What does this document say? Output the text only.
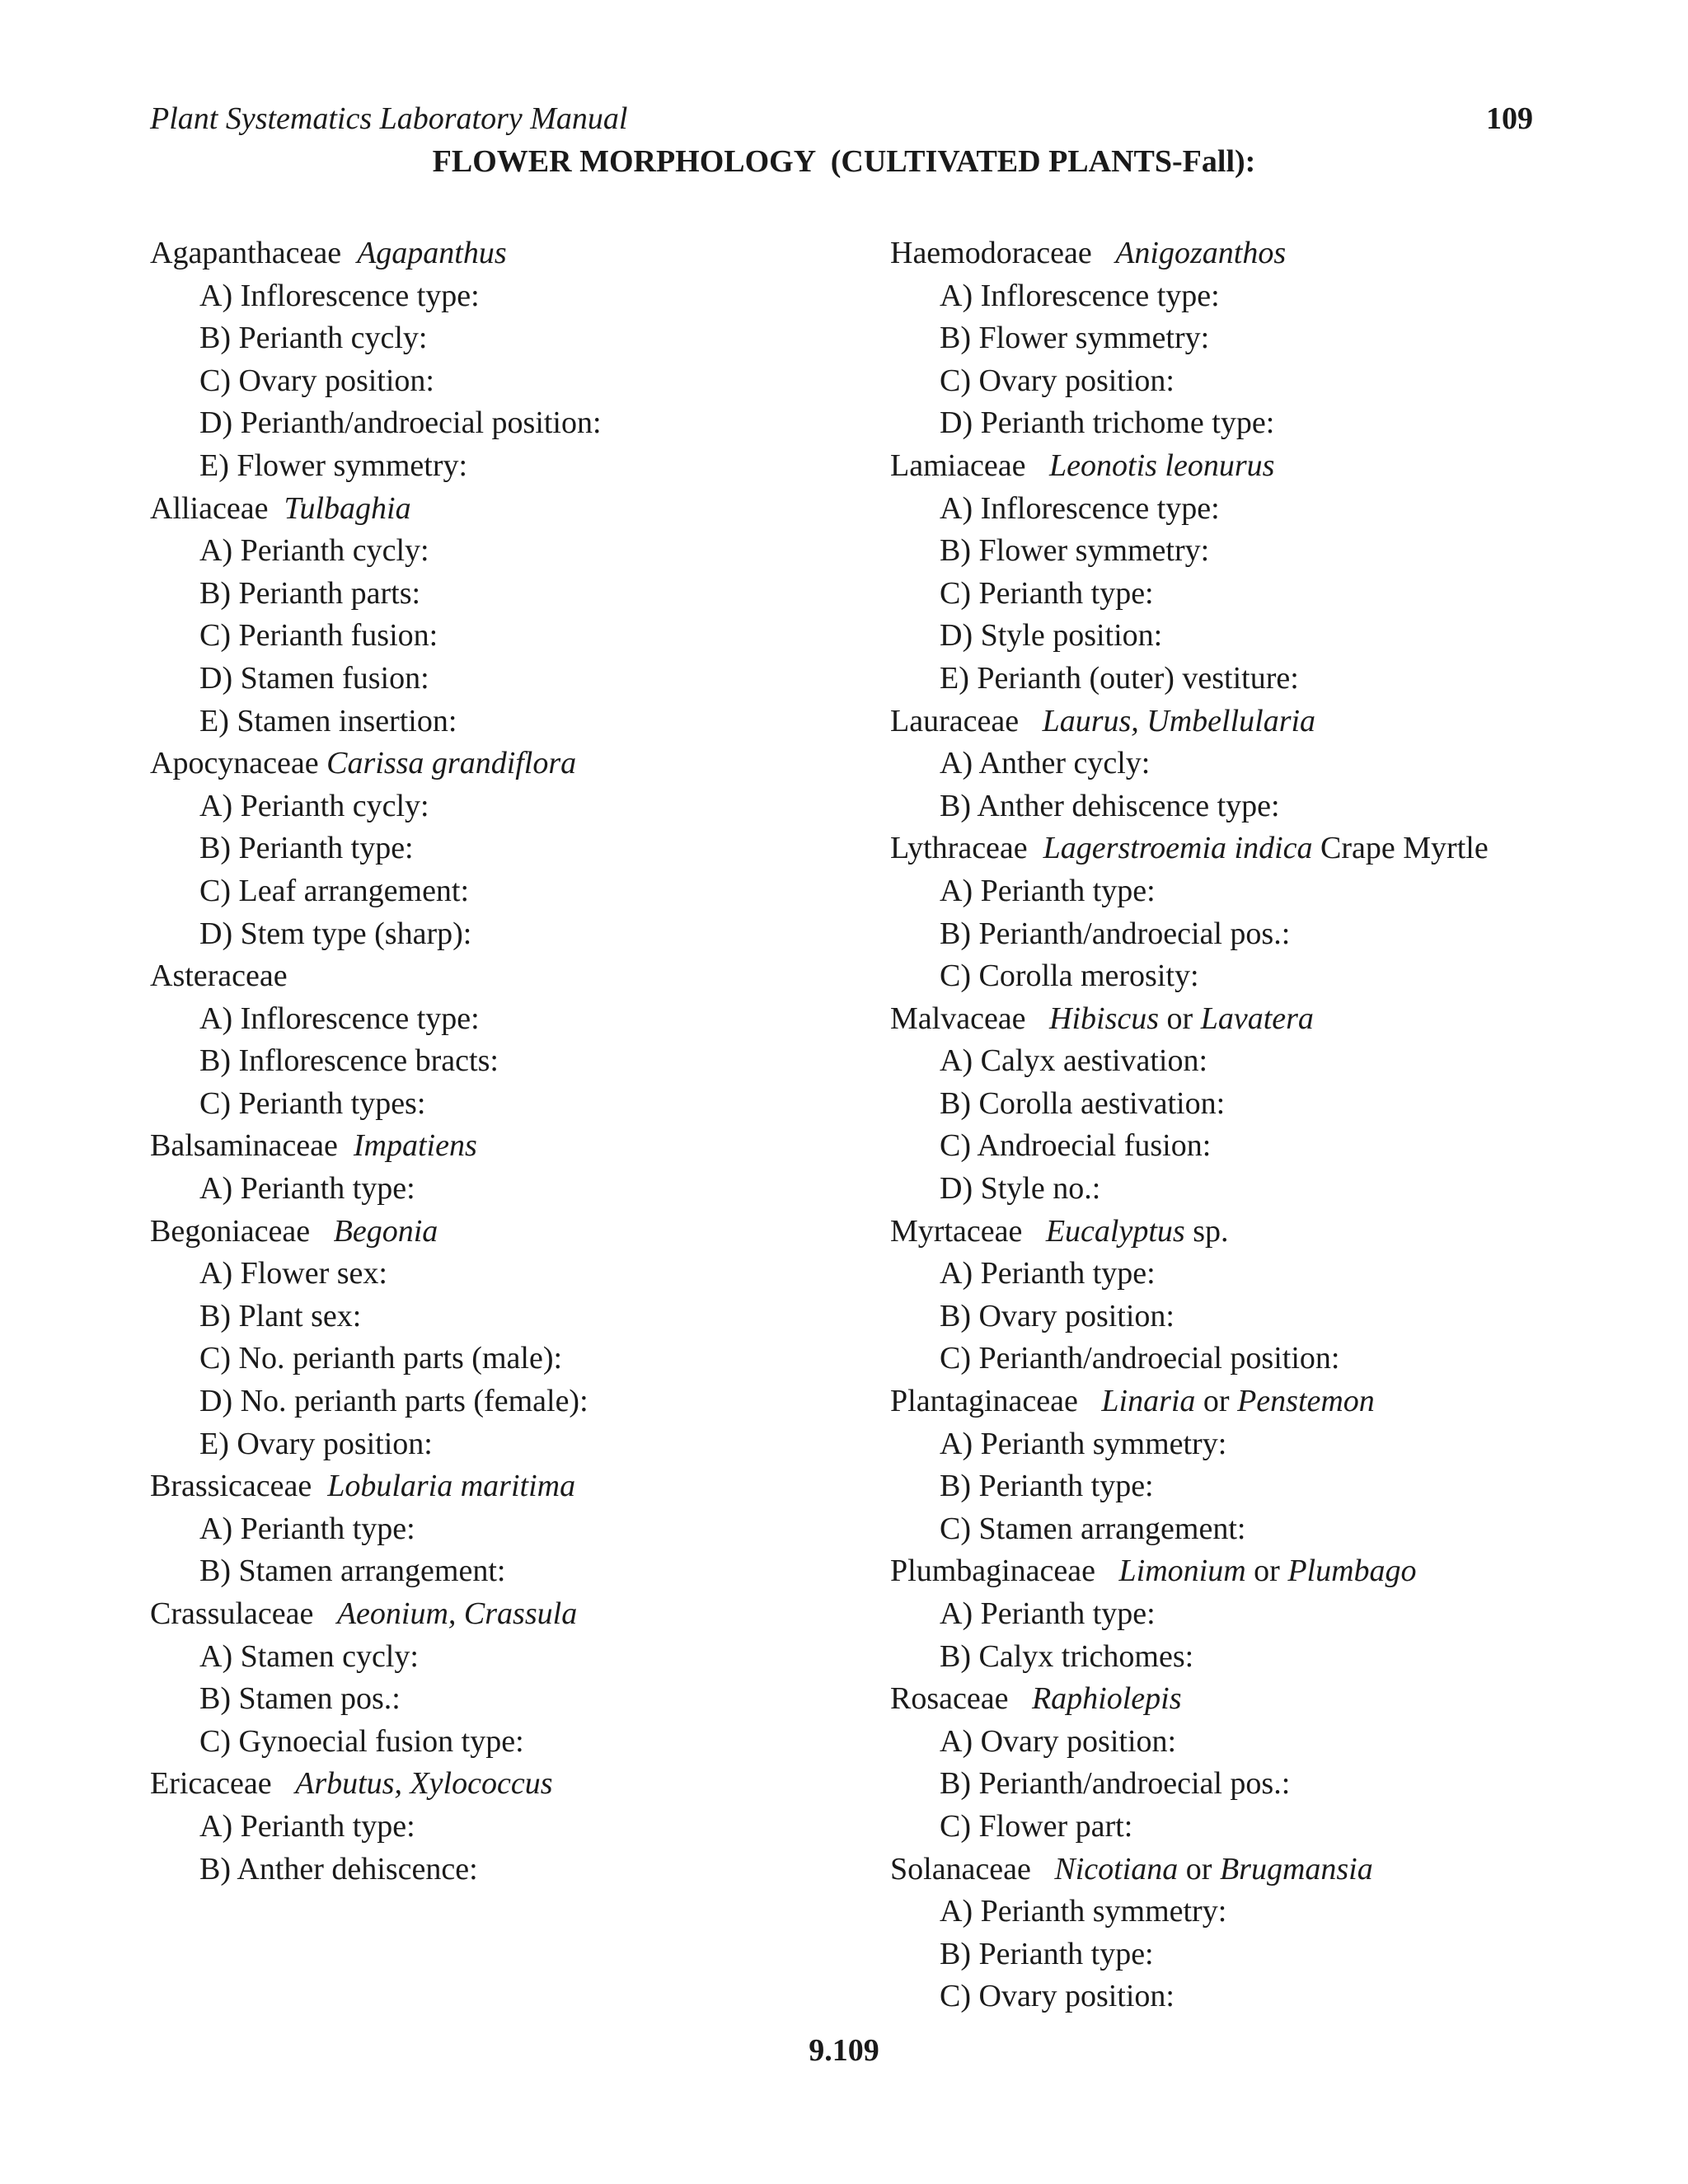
Plant Systematics Laboratory Manual	109
FLOWER MORPHOLOGY  (CULTIVATED PLANTS-Fall):
Agapanthaceae  Agapanthus
A) Inflorescence type:
B) Perianth cycly:
C) Ovary position:
D) Perianth/androecial position:
E) Flower symmetry:
Alliaceae  Tulbaghia
A) Perianth cycly:
B) Perianth parts:
C) Perianth fusion:
D) Stamen fusion:
E) Stamen insertion:
Apocynaceae Carissa grandiflora
A) Perianth cycly:
B) Perianth type:
C) Leaf arrangement:
D) Stem type (sharp):
Asteraceae
A) Inflorescence type:
B) Inflorescence bracts:
C) Perianth types:
Balsaminaceae  Impatiens
A) Perianth type:
Begoniaceae   Begonia
A) Flower sex:
B) Plant sex:
C) No. perianth parts (male):
D) No. perianth parts (female):
E) Ovary position:
Brassicaceae  Lobularia maritima
A) Perianth type:
B) Stamen arrangement:
Crassulaceae   Aeonium, Crassula
A) Stamen cycly:
B) Stamen pos.:
C) Gynoecial fusion type:
Ericaceae   Arbutus, Xylococcus
A) Perianth type:
B) Anther dehiscence:
Haemodoraceae   Anigozanthos
A) Inflorescence type:
B) Flower symmetry:
C) Ovary position:
D) Perianth trichome type:
Lamiaceae   Leonotis leonurus
A) Inflorescence type:
B) Flower symmetry:
C) Perianth type:
D) Style position:
E) Perianth (outer) vestiture:
Lauraceae   Laurus, Umbellularia
A) Anther cycly:
B) Anther dehiscence type:
Lythraceae  Lagerstroemia indica Crape Myrtle
A) Perianth type:
B) Perianth/androecial pos.:
C) Corolla merosity:
Malvaceae   Hibiscus or Lavatera
A) Calyx aestivation:
B) Corolla aestivation:
C) Androecial fusion:
D) Style no.:
Myrtaceae   Eucalyptus sp.
A) Perianth type:
B) Ovary position:
C) Perianth/androecial position:
Plantaginaceae   Linaria or Penstemon
A) Perianth symmetry:
B) Perianth type:
C) Stamen arrangement:
Plumbaginaceae   Limonium or Plumbago
A) Perianth type:
B) Calyx trichomes:
Rosaceae   Raphiolepis
A) Ovary position:
B) Perianth/androecial pos.:
C) Flower part:
Solanaceae   Nicotiana or Brugmansia
A) Perianth symmetry:
B) Perianth type:
C) Ovary position:
9.109
